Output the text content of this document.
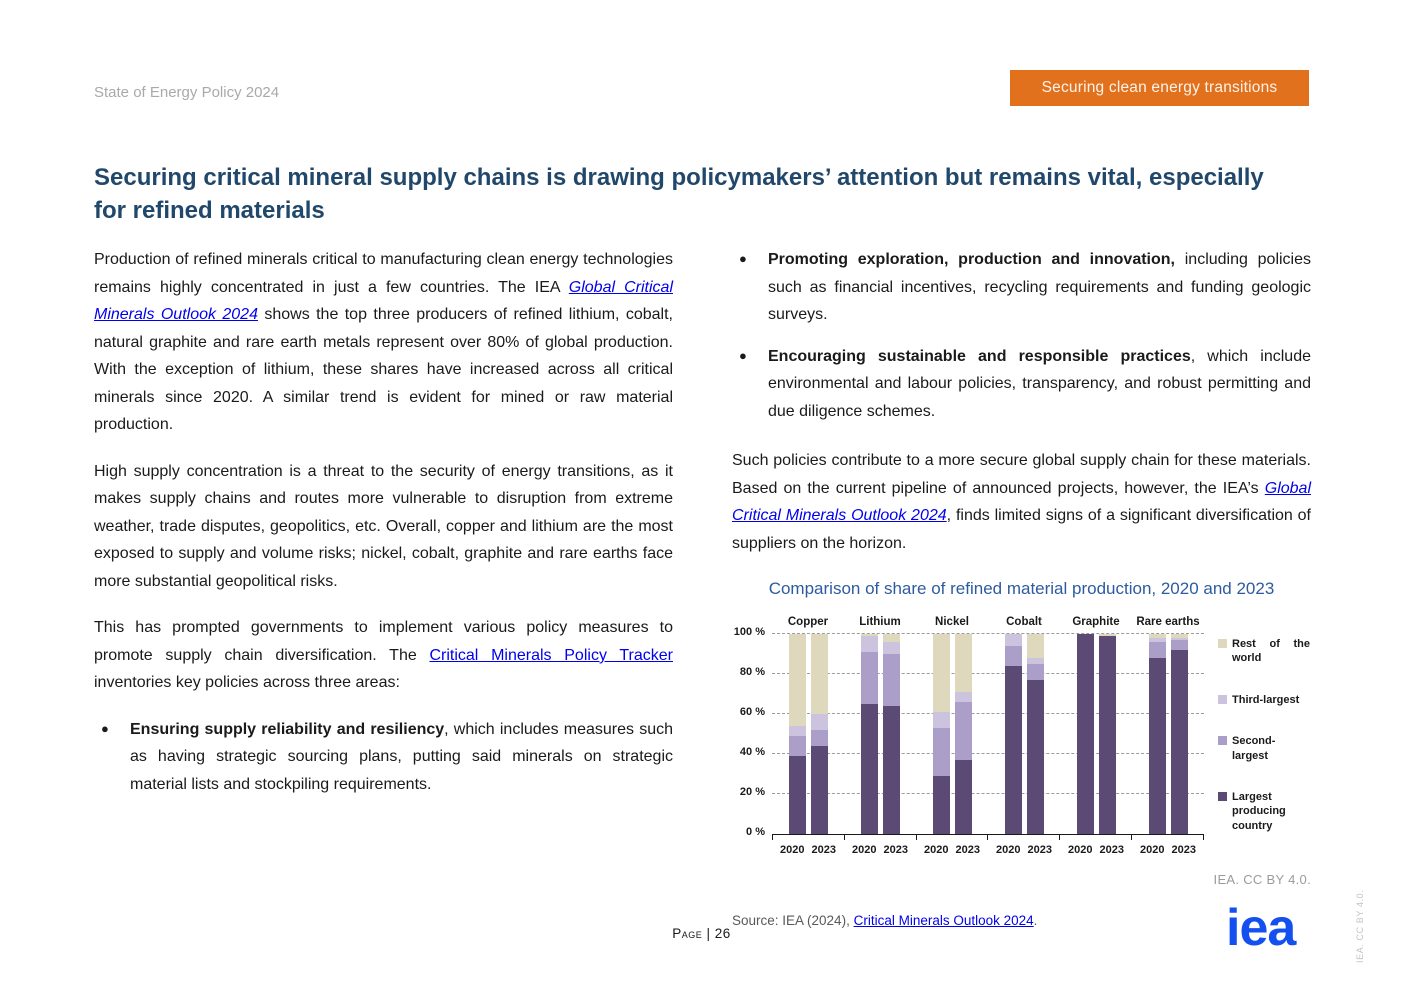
State of Energy Policy 2024	Securing clean energy transitions
Securing critical mineral supply chains is drawing policymakers’ attention but remains vital, especially for refined materials

Production of refined minerals critical to manufacturing clean energy technologies remains highly concentrated in just a few countries. The IEA Global Critical Minerals Outlook 2024 shows the top three producers of refined lithium, cobalt, natural graphite and rare earth metals represent over 80% of global production. With the exception of lithium, these shares have increased across all critical minerals since 2020. A similar trend is evident for mined or raw material production.

High supply concentration is a threat to the security of energy transitions, as it makes supply chains and routes more vulnerable to disruption from extreme weather, trade disputes, geopolitics, etc. Overall, copper and lithium are the most exposed to supply and volume risks; nickel, cobalt, graphite and rare earths face more substantial geopolitical risks.

This has prompted governments to implement various policy measures to promote supply chain diversification. The Critical Minerals Policy Tracker inventories key policies across three areas:

●	Ensuring supply reliability and resiliency, which includes measures such as having strategic sourcing plans, putting said minerals on strategic material lists and stockpiling requirements.
●	Promoting exploration, production and innovation, including policies such as financial incentives, recycling requirements and funding geologic surveys.
●	Encouraging sustainable and responsible practices, which include environmental and labour policies, transparency, and robust permitting and due diligence schemes.

Such policies contribute to a more secure global supply chain for these materials. Based on the current pipeline of announced projects, however, the IEA’s Global Critical Minerals Outlook 2024, finds limited signs of a significant diversification of suppliers on the horizon.

Comparison of share of refined material production, 2020 and 2023
0 %
20 %
40 %
60 %
80 %
100 %
Copper	Lithium	Nickel	Cobalt	Graphite	Rare earths
2020 2023 2020 2023 2020 2023 2020 2023 2020 2023 2020 2023
Rest of the world
Third-largest
Second-largest
Largest producing country
IEA. CC BY 4.0.
Source: IEA (2024), Critical Minerals Outlook 2024.
Page | 26	iea	IEA. CC BY 4.0.
